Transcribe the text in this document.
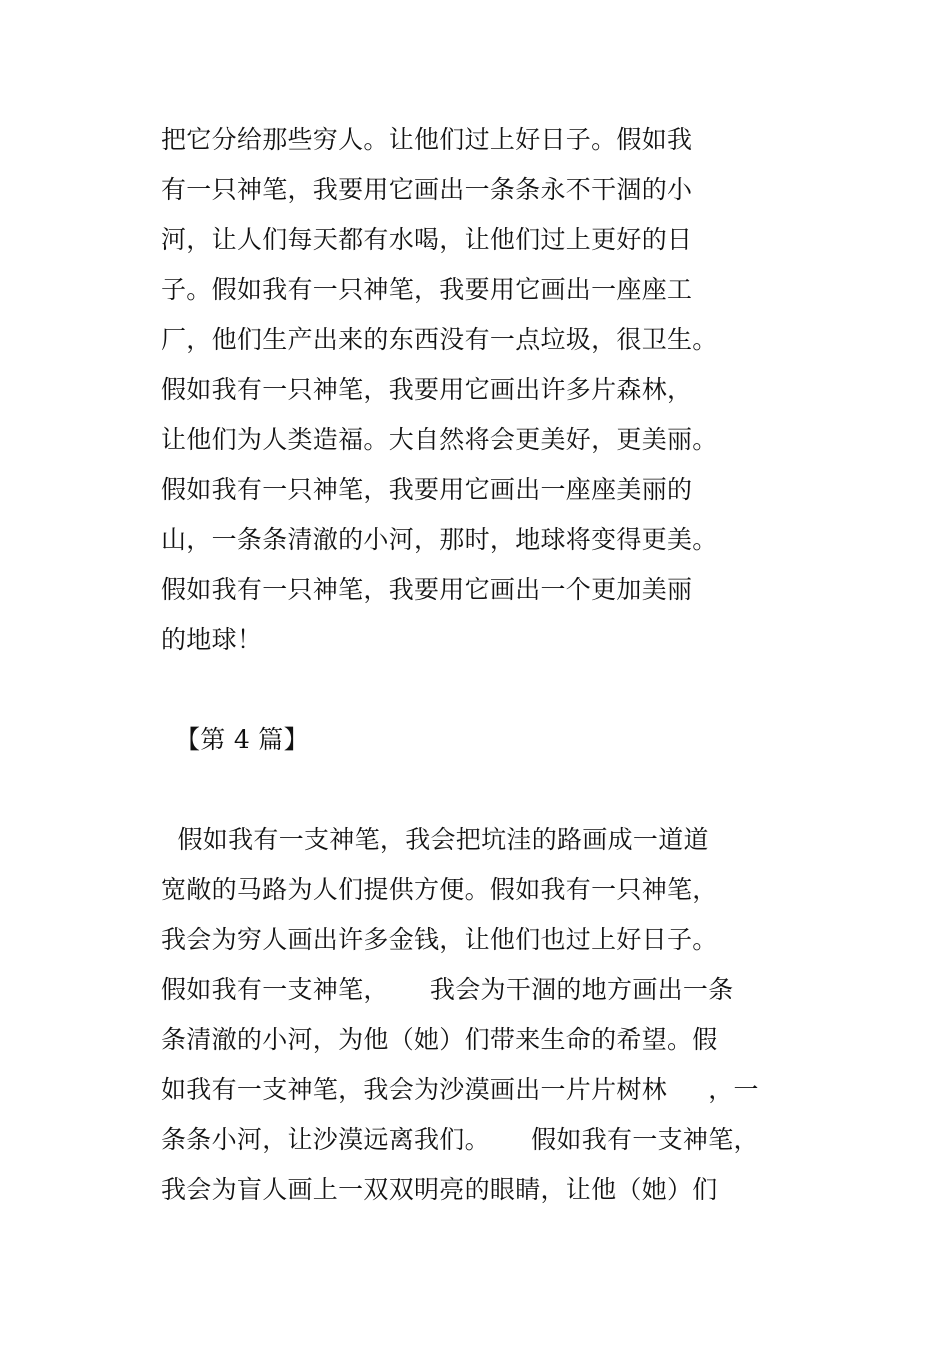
把它分给那些穷人。让他们过上好日子。假如我
有一只神笔，我要用它画出一条条永不干涸的小
河，让人们每天都有水喝，让他们过上更好的日
子。假如我有一只神笔，我要用它画出一座座工
厂，他们生产出来的东西没有一点垃圾，很卫生。
假如我有一只神笔，我要用它画出许多片森林，
让他们为人类造福。大自然将会更美好，更美丽。
假如我有一只神笔，我要用它画出一座座美丽的
山，一条条清澈的小河，那时，地球将变得更美。
假如我有一只神笔，我要用它画出一个更加美丽
的地球！
【第 4 篇】
假如我有一支神笔，我会把坑洼的路画成一道道
宽敞的马路为人们提供方便。假如我有一只神笔，
我会为穷人画出许多金钱，让他们也过上好日子。
假如我有一支神笔，     我会为干涸的地方画出一条
条清澈的小河，为他（她）们带来生命的希望。假
如我有一支神笔，我会为沙漠画出一片片树林     ，一
条条小河，让沙漠远离我们。     假如我有一支神笔，
我会为盲人画上一双双明亮的眼睛，让他（她）们
